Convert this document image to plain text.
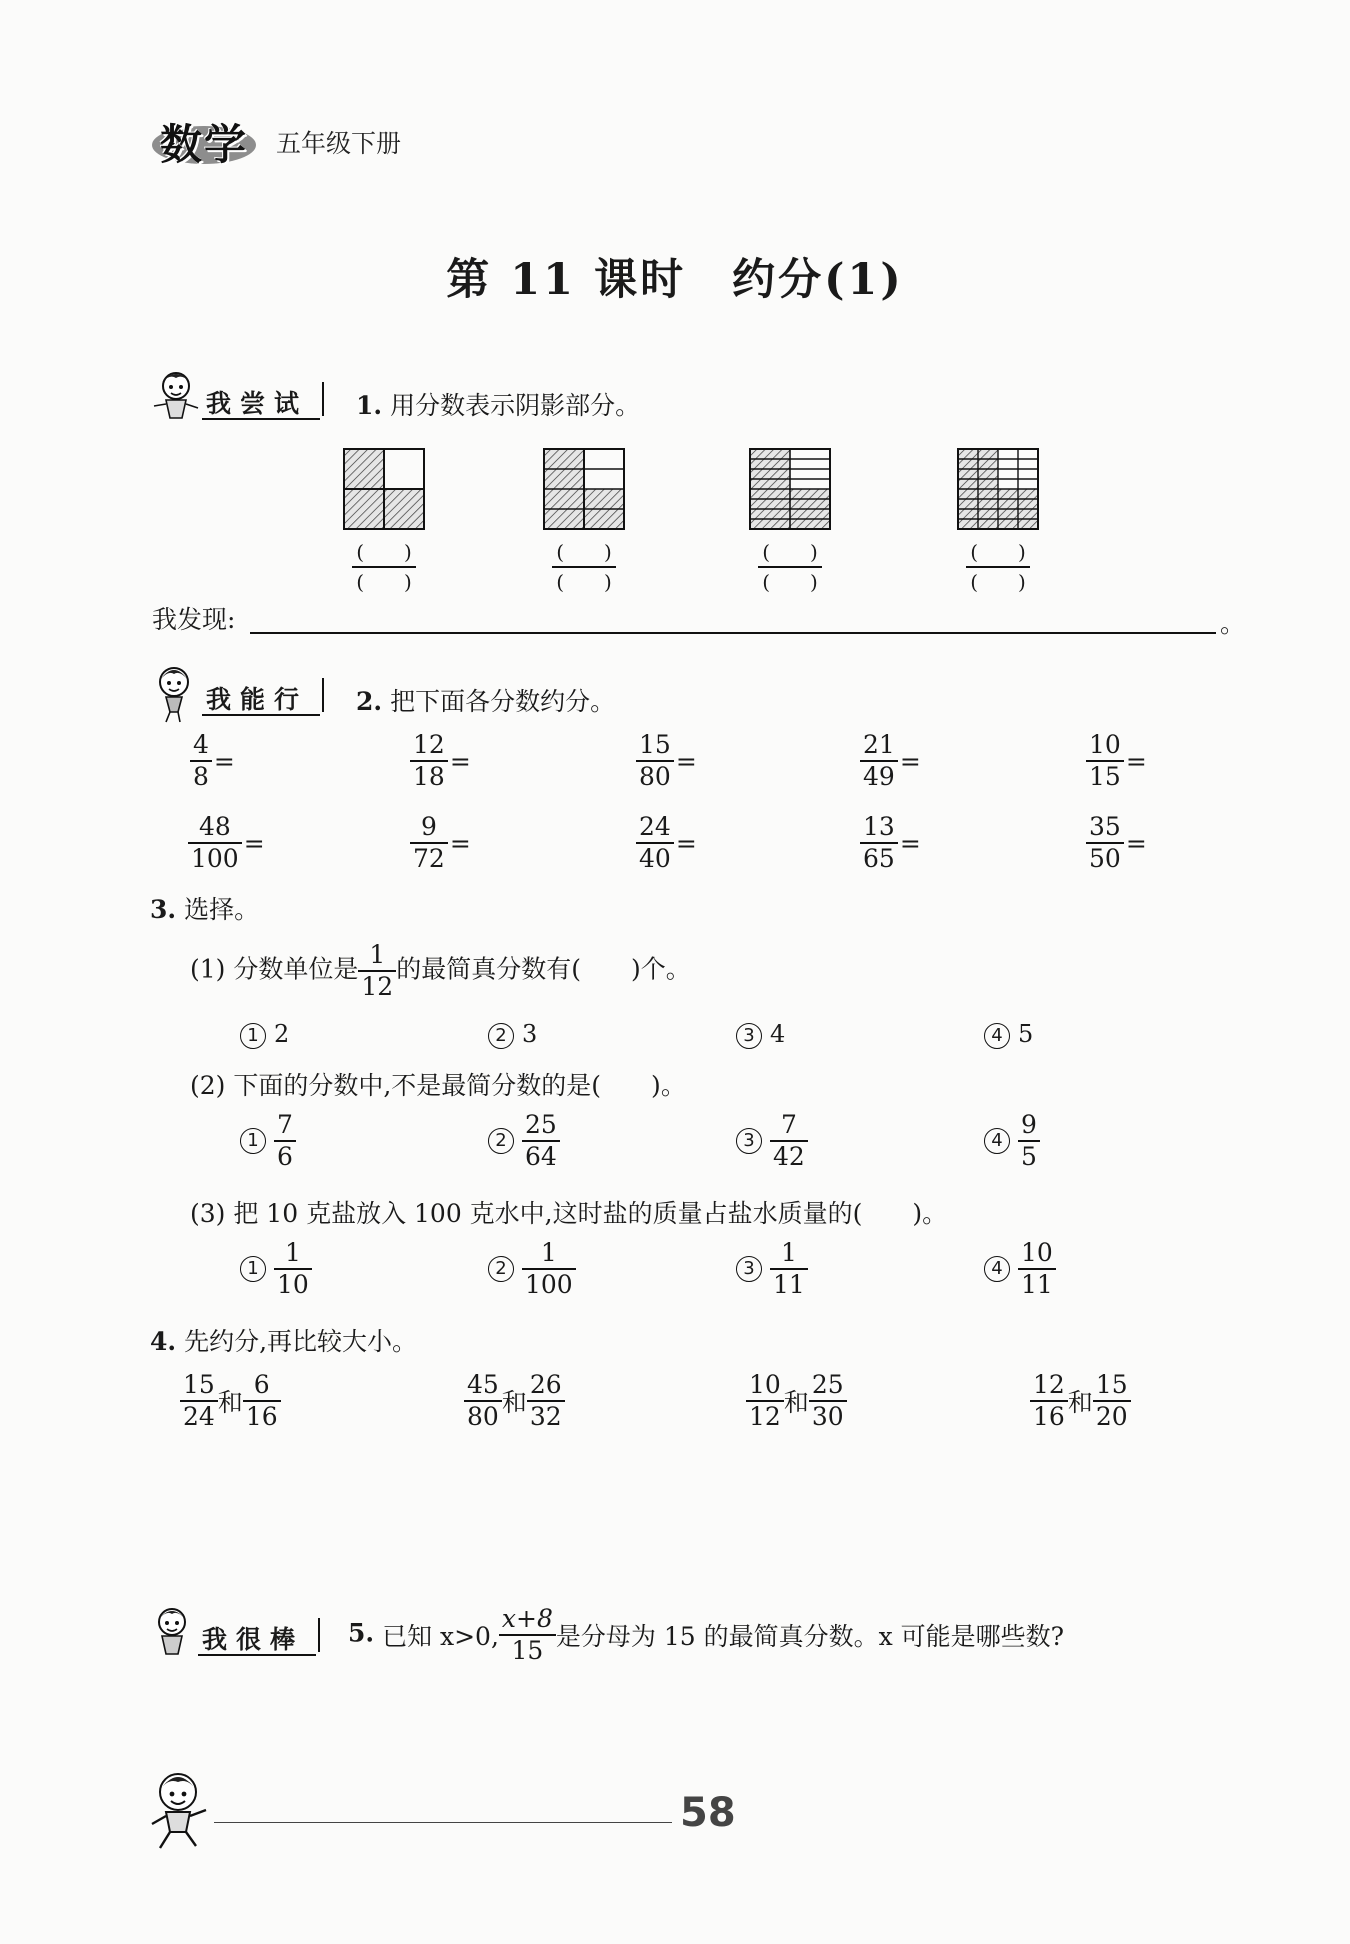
数学 五年级下册
第 11 课时　约分(1)
我尝试 1. 用分数表示阴影部分。
(　　)
(　　)
(　　)
(　　)
(　　)
(　　)
(　　)
(　　)
我发现:	。
我能行 2. 把下面各分数约分。
$\frac{4}{8}$ =	$\frac{12}{18}$ =	$\frac{15}{80}$ =	$\frac{21}{49}$ =	$\frac{10}{15}$ =
$\frac{48}{100}$ =	$\frac{9}{72}$ =	$\frac{24}{40}$ =	$\frac{13}{65}$ =	$\frac{35}{50}$ =
3. 选择。
(1) 分数单位是 $\frac{1}{12}$ 的最简真分数有(　　)个。
1 2	2 3	3 4	4 5
(2) 下面的分数中,不是最简分数的是(　　)。
$1 \frac{7}{6}$	$2 \frac{25}{64}$	$3 \frac{7}{42}$	$4 \frac{9}{5}$
(3) 把 10 克盐放入 100 克水中,这时盐的质量占盐水质量的(　　)。
$1 \frac{1}{10}$	$2 \frac{1}{100}$	$3 \frac{1}{11}$	$4 \frac{10}{11}$
4. 先约分,再比较大小。
$\frac{15}{24}$ 和 $\frac{6}{16}$	$\frac{45}{80}$ 和 $\frac{26}{32}$	$\frac{10}{12}$ 和 $\frac{25}{30}$	$\frac{12}{16}$ 和 $\frac{15}{20}$
我很棒 5. 已知 x>0, $\frac{x+8}{15}$ 是分母为 15 的最简真分数。x 可能是哪些数?
58
